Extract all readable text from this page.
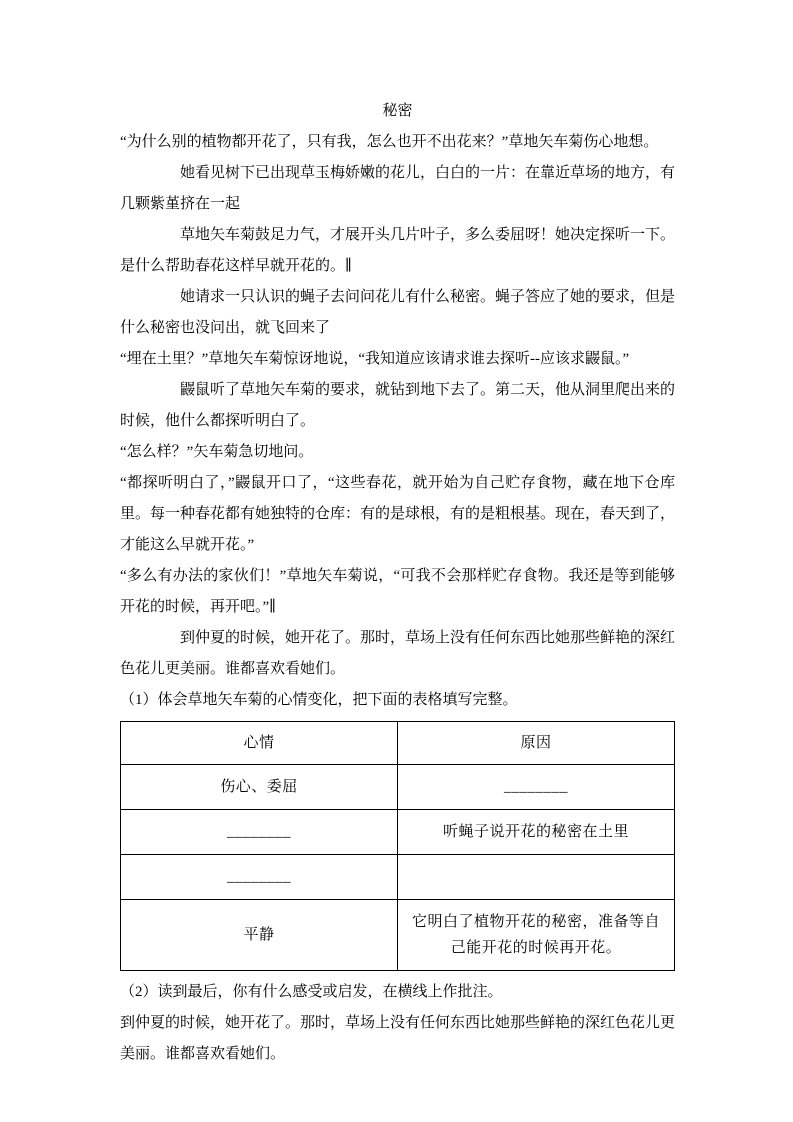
秘密

“为什么别的植物都开花了，只有我，怎么也开不出花来？”草地矢车菊伤心地想。

她看见树下已出现草玉梅娇嫩的花儿，白白的一片：在靠近草场的地方，有几颗紫堇挤在一起

草地矢车菊鼓足力气，才展开头几片叶子，多么委屈呀！她决定探听一下。是什么帮助春花这样早就开花的。∥

她请求一只认识的蝇子去问问花儿有什么秘密。蝇子答应了她的要求，但是什么秘密也没问出，就飞回来了

“埋在土里？”草地矢车菊惊讶地说，“我知道应该请求谁去探听--应该求鼹鼠。”

鼹鼠听了草地矢车菊的要求，就钻到地下去了。第二天，他从洞里爬出来的时候，他什么都探听明白了。

“怎么样？”矢车菊急切地问。

“都探听明白了，”鼹鼠开口了，“这些春花，就开始为自己贮存食物，藏在地下仓库里。每一种春花都有她独特的仓库：有的是球根，有的是粗根基。现在，春天到了，才能这么早就开花。”

“多么有办法的家伙们！”草地矢车菊说，“可我不会那样贮存食物。我还是等到能够开花的时候，再开吧。”∥

到仲夏的时候，她开花了。那时，草场上没有任何东西比她那些鲜艳的深红色花儿更美丽。谁都喜欢看她们。

（1）体会草地矢车菊的心情变化，把下面的表格填写完整。

心情	原因
伤心、委屈	________
________	听蝇子说开花的秘密在土里
________	
平静	它明白了植物开花的秘密，准备等自己能开花的时候再开花。

（2）读到最后，你有什么感受或启发，在横线上作批注。

到仲夏的时候，她开花了。那时，草场上没有任何东西比她那些鲜艳的深红色花儿更美丽。谁都喜欢看她们。
